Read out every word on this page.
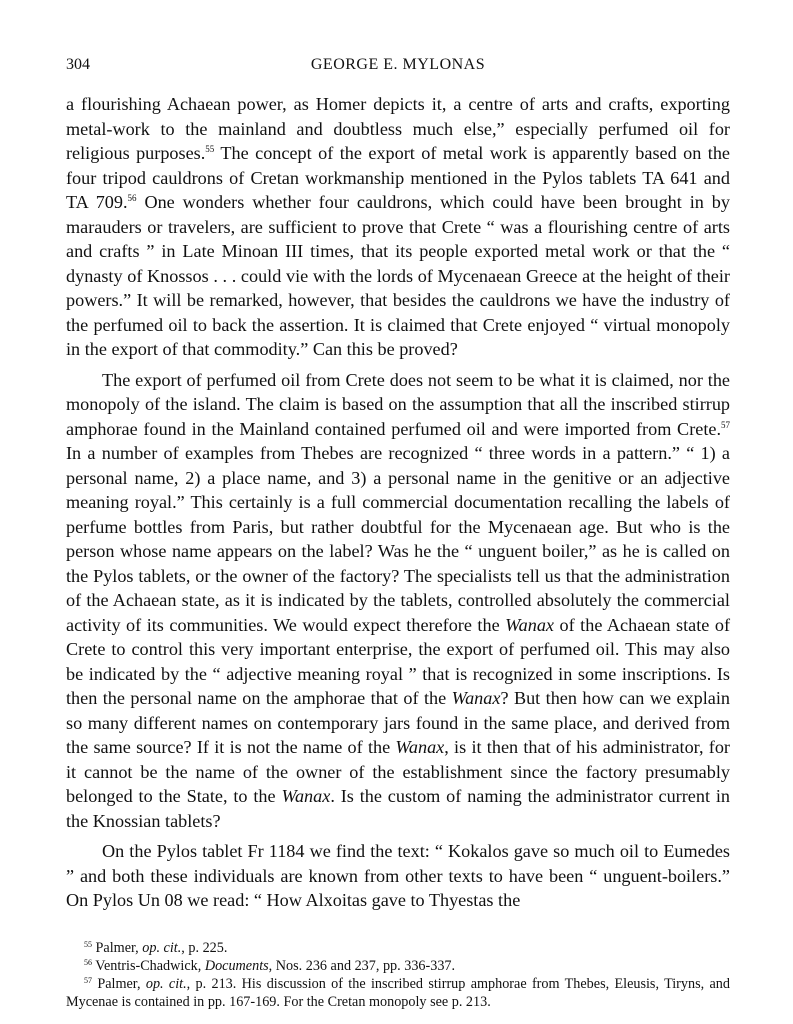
304	GEORGE E. MYLONAS

a flourishing Achaean power, as Homer depicts it, a centre of arts and crafts, exporting metal-work to the mainland and doubtless much else,” especially perfumed oil for religious purposes.$^{55}$ The concept of the export of metal work is apparently based on the four tripod cauldrons of Cretan workmanship mentioned in the Pylos tablets TA 641 and TA 709.56 One wonders whether four cauldrons, which could have been brought in by marauders or travelers, are sufficient to prove that Crete “ was a flourishing centre of arts and crafts ” in Late Minoan III times, that its people exported metal work or that the “ dynasty of Knossos . . . could vie with the lords of Mycenaean Greece at the height of their powers.” It will be remarked, however, that besides the cauldrons we have the industry of the perfumed oil to back the assertion. It is claimed that Crete enjoyed “ virtual monopoly in the export of that commodity.” Can this be proved?

The export of perfumed oil from Crete does not seem to be what it is claimed, nor the monopoly of the island. The claim is based on the assumption that all the inscribed stirrup amphorae found in the Mainland contained perfumed oil and were imported from Crete.$^{57}$ In a number of examples from Thebes are recognized “ three words in a pattern.” “ 1) a personal name, 2) a place name, and 3) a personal name in the genitive or an adjective meaning royal.” This certainly is a full commercial documentation recalling the labels of perfume bottles from Paris, but rather doubtful for the Mycenaean age. But who is the person whose name appears on the label? Was he the “ unguent boiler,” as he is called on the Pylos tablets, or the owner of the factory? The specialists tell us that the administration of the Achaean state, as it is indicated by the tablets, controlled absolutely the commercial activity of its communities. We would expect therefore the Wanax of the Achaean state of Crete to control this very important enterprise, the export of perfumed oil. This may also be indicated by the “ adjective meaning royal ” that is recognized in some inscriptions. Is then the personal name on the amphorae that of the Wanax? But then how can we explain so many different names on contemporary jars found in the same place, and derived from the same source? If it is not the name of the Wanax, is it then that of his administrator, for it cannot be the name of the owner of the establishment since the factory presumably belonged to the State, to the Wanax. Is the custom of naming the administrator current in the Knossian tablets?

On the Pylos tablet Fr 1184 we find the text: “ Kokalos gave so much oil to Eumedes ” and both these individuals are known from other texts to have been “ unguent-boilers.” On Pylos Un 08 we read: “ How Alxoitas gave to Thyestas the

$^{55}$ Palmer, op. cit., p. 225.
$^{56}$ Ventris-Chadwick, Documents, Nos. 236 and 237, pp. 336-337.
$^{57}$ Palmer, op. cit., p. 213. His discussion of the inscribed stirrup amphorae from Thebes, Eleusis, Tiryns, and Mycenae is contained in pp. 167-169. For the Cretan monopoly see p. 213.
